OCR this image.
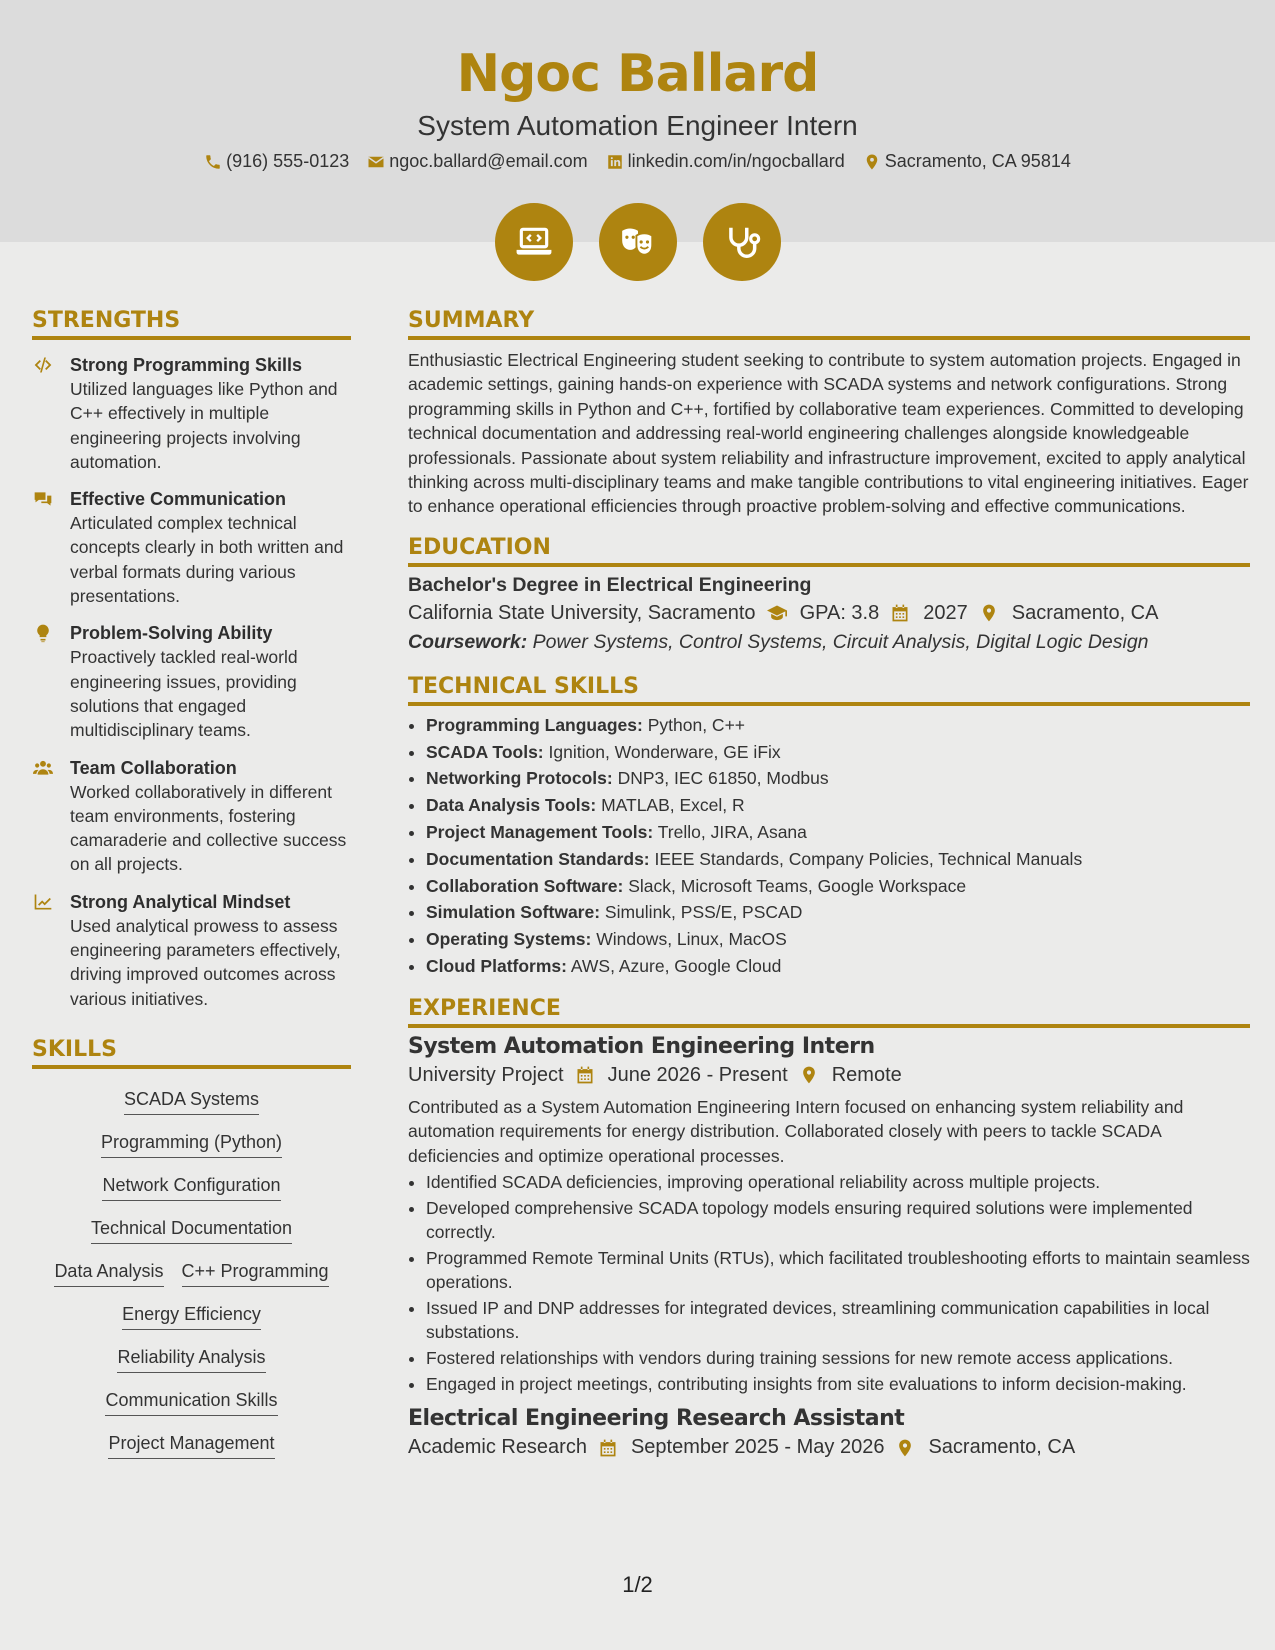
Ngoc Ballard
System Automation Engineer Intern
(916) 555-0123 ngoc.ballard@email.com linkedin.com/in/ngocballard Sacramento, CA 95814
STRENGTHS
Strong Programming Skills

Utilized languages like Python and C++ effectively in multiple engineering projects involving automation.

Effective Communication

Articulated complex technical concepts clearly in both written and verbal formats during various presentations.

Problem-Solving Ability

Proactively tackled real-world engineering issues, providing solutions that engaged multidisciplinary teams.

Team Collaboration

Worked collaboratively in different team environments, fostering camaraderie and collective success on all projects.

Strong Analytical Mindset

Used analytical prowess to assess engineering parameters effectively, driving improved outcomes across various initiatives.

SKILLS
SCADA Systems
Programming (Python)
Network Configuration
Technical Documentation
Data Analysis C++ Programming
Energy Efficiency
Reliability Analysis
Communication Skills
Project Management
SUMMARY

Enthusiastic Electrical Engineering student seeking to contribute to system automation projects. Engaged in academic settings, gaining hands-on experience with SCADA systems and network configurations. Strong programming skills in Python and C++, fortified by collaborative team experiences. Committed to developing technical documentation and addressing real-world engineering challenges alongside knowledgeable professionals. Passionate about system reliability and infrastructure improvement, excited to apply analytical thinking across multi-disciplinary teams and make tangible contributions to vital engineering initiatives. Eager to enhance operational efficiencies through proactive problem-solving and effective communications.

EDUCATION
Bachelor's Degree in Electrical Engineering
California State University, Sacramento GPA: 3.8 2027 Sacramento, CA
Coursework: Power Systems, Control Systems, Circuit Analysis, Digital Logic Design
TECHNICAL SKILLS
• Programming Languages: Python, C++
• SCADA Tools: Ignition, Wonderware, GE iFix
• Networking Protocols: DNP3, IEC 61850, Modbus
• Data Analysis Tools: MATLAB, Excel, R
• Project Management Tools: Trello, JIRA, Asana
• Documentation Standards: IEEE Standards, Company Policies, Technical Manuals
• Collaboration Software: Slack, Microsoft Teams, Google Workspace
• Simulation Software: Simulink, PSS/E, PSCAD
• Operating Systems: Windows, Linux, MacOS
• Cloud Platforms: AWS, Azure, Google Cloud
EXPERIENCE
System Automation Engineering Intern
University Project June 2026 - Present Remote

Contributed as a System Automation Engineering Intern focused on enhancing system reliability and automation requirements for energy distribution. Collaborated closely with peers to tackle SCADA deficiencies and optimize operational processes.

• Identified SCADA deficiencies, improving operational reliability across multiple projects.
• Developed comprehensive SCADA topology models ensuring required solutions were implemented correctly.
• Programmed Remote Terminal Units (RTUs), which facilitated troubleshooting efforts to maintain seamless operations.
• Issued IP and DNP addresses for integrated devices, streamlining communication capabilities in local substations.
• Fostered relationships with vendors during training sessions for new remote access applications.
• Engaged in project meetings, contributing insights from site evaluations to inform decision-making.
Electrical Engineering Research Assistant
Academic Research September 2025 - May 2026 Sacramento, CA
1/2
